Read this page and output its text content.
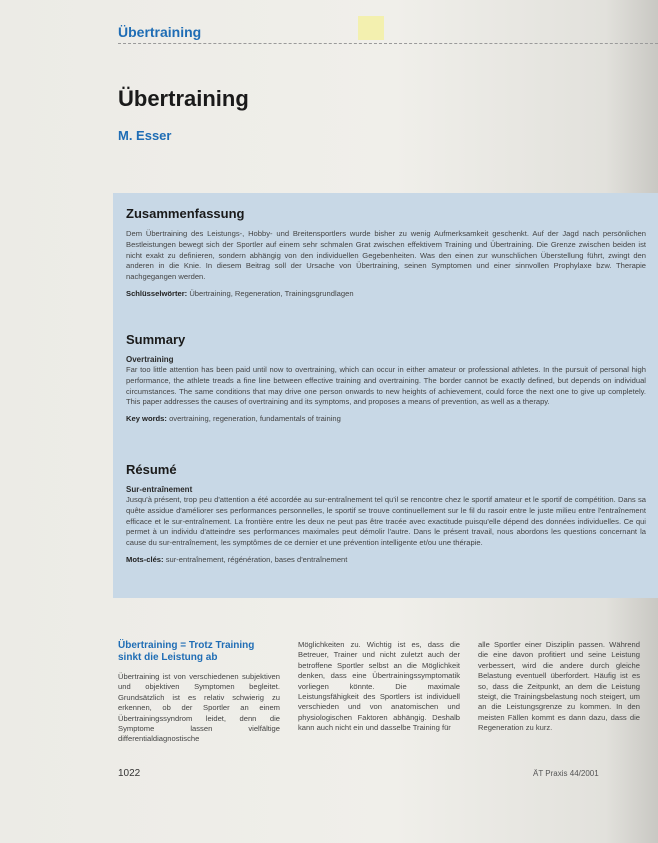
Übertraining
Übertraining
M. Esser
Zusammenfassung

Dem Übertraining des Leistungs-, Hobby- und Breitensportlers wurde bisher zu wenig Aufmerksamkeit geschenkt. Auf der Jagd nach persönlichen Bestleistungen bewegt sich der Sportler auf einem sehr schmalen Grat zwischen effektivem Training und Übertraining. Die Grenze zwischen beiden ist nicht exakt zu definieren, sondern abhängig von den individuellen Gegebenheiten. Was den einen zur wunschlichen Überstellung führt, zwingt den anderen in die Knie. In diesem Beitrag soll der Ursache von Übertraining, seinen Symptomen und einer sinnvollen Prophylaxe bzw. Therapie nachgegangen werden.

Schlüsselwörter: Übertraining, Regeneration, Trainingsgrundlagen
Summary
Overtraining

Far too little attention has been paid until now to overtraining, which can occur in either amateur or professional athletes. In the pursuit of personal high performance, the athlete treads a fine line between effective training and overtraining. The border cannot be exactly defined, but depends on individual circumstances. The same conditions that may drive one person onwards to new heights of achievement, could force the next one to give up completely. This paper addresses the causes of overtraining and its symptoms, and proposes a means of prevention, as well as a therapy.

Key words: overtraining, regeneration, fundamentals of training
Résumé
Sur-entraînement

Jusqu'à présent, trop peu d'attention a été accordée au sur-entraînement tel qu'il se rencontre chez le sportif amateur et le sportif de compétition. Dans sa quête assidue d'améliorer ses performances personnelles, le sportif se trouve continuellement sur le fil du rasoir entre le juste milieu entre l'entraînement efficace et le sur-entraînement. La frontière entre les deux ne peut pas être tracée avec exactitude puisqu'elle dépend des données individuelles. Ce qui permet à un individu d'atteindre ses performances maximales peut démolir l'autre. Dans le présent travail, nous abordons les questions concernant la cause du sur-entraînement, les symptômes de ce dernier et une prévention intelligente et/ou une thérapie.

Mots-clés: sur-entraînement, régénération, bases d'entraînement
Übertraining = Trotz Training sinkt die Leistung ab

Übertraining ist von verschiedenen subjektiven und objektiven Symptomen begleitet. Grundsätzlich ist es relativ schwierig zu erkennen, ob der Sportler an einem Übertrainingssyndrom leidet, denn die Symptome lassen vielfältige differentialdiagnostische

Möglichkeiten zu. Wichtig ist es, dass die Betreuer, Trainer und nicht zuletzt auch der betroffene Sportler selbst an die Möglichkeit denken, dass eine Übertrainingssymptomatik vorliegen könnte. Die maximale Leistungsfähigkeit des Sportlers ist individuell verschieden und von anatomischen und physiologischen Faktoren abhängig. Deshalb kann auch nicht ein und dasselbe Training für

alle Sportler einer Disziplin passen. Während die eine davon profitiert und seine Leistung verbessert, wird die andere durch gleiche Belastung eventuell überfordert. Häufig ist es so, dass die Zeitpunkt, an dem die Leistung steigt, die Trainingsbelastung noch steigert, um an die Leistungsgrenze zu kommen. In den meisten Fällen kommt es dann dazu, dass die Regeneration zu kurz.

1022	ÄT Praxis 44/2001
